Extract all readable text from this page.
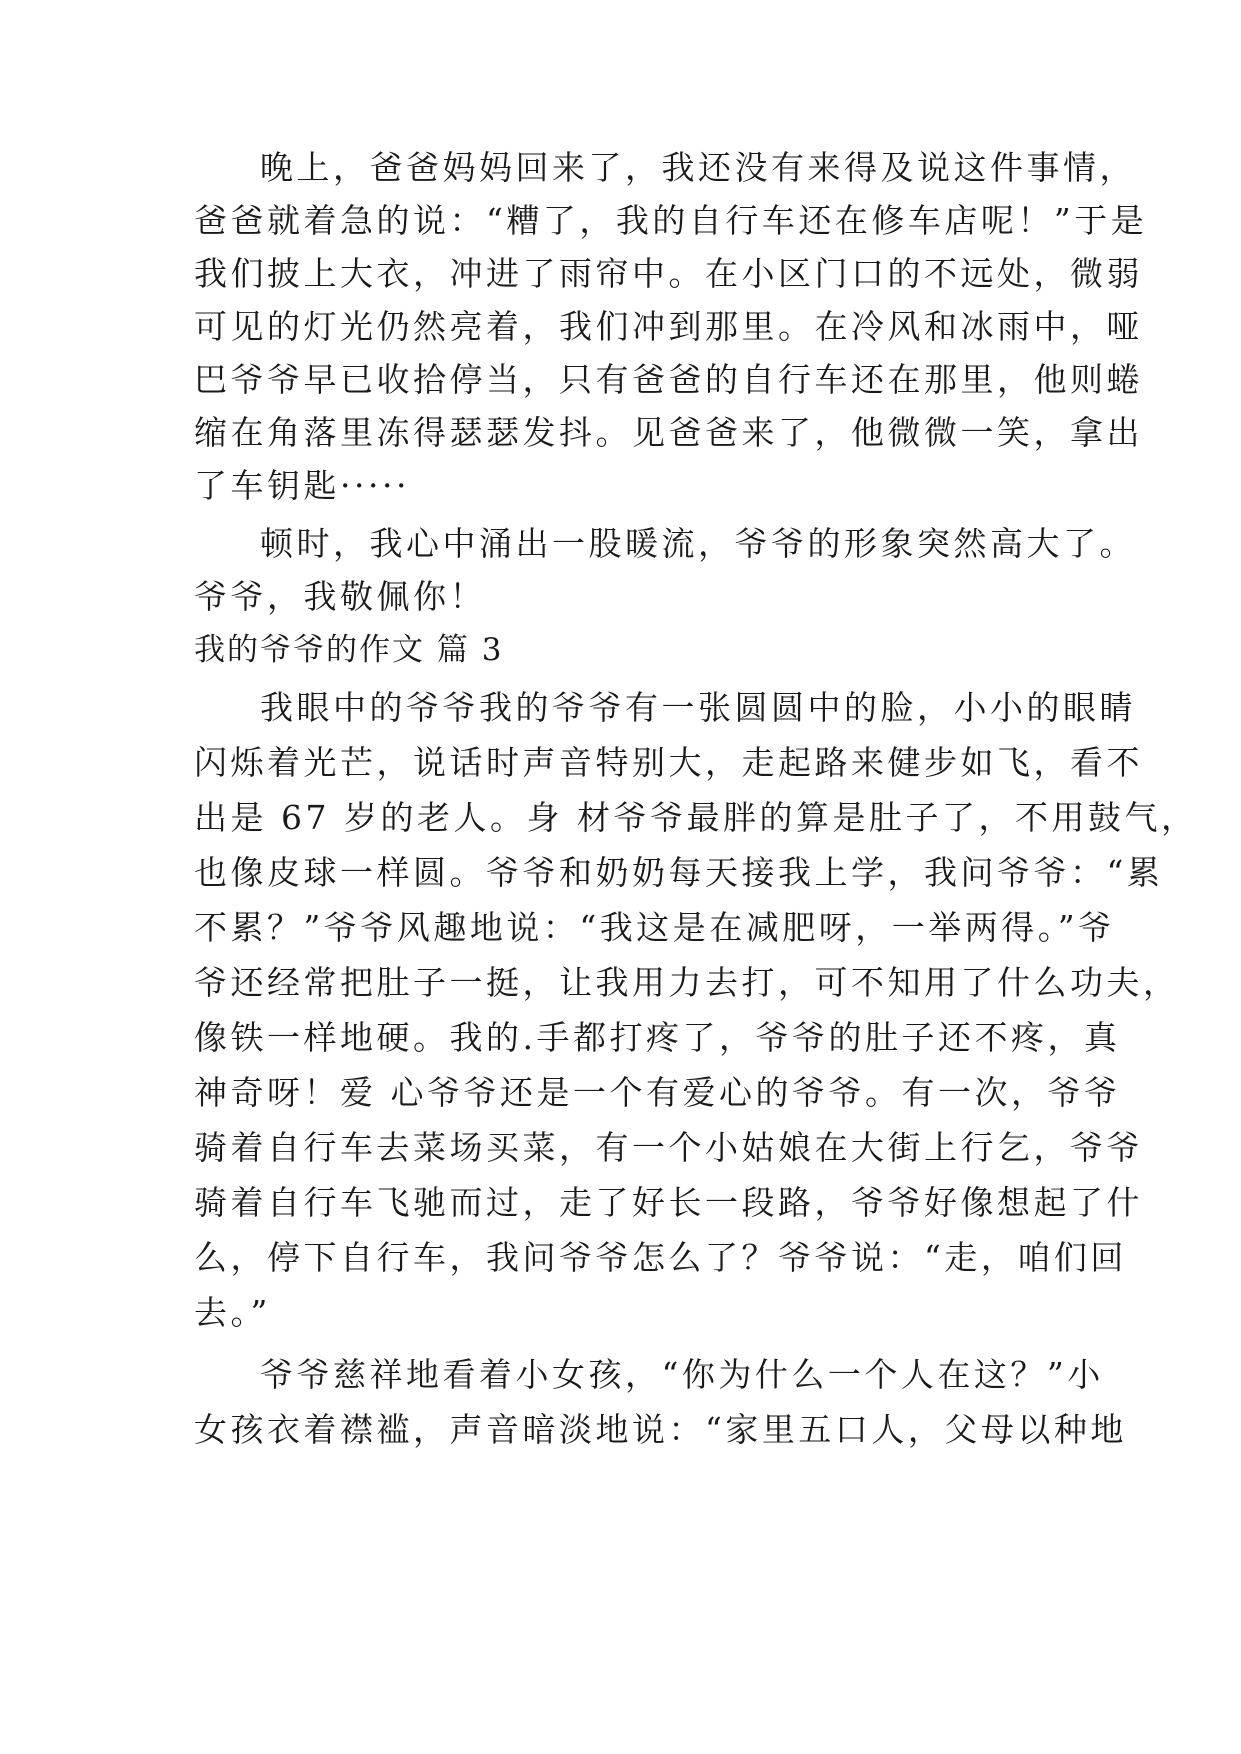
晚上，爸爸妈妈回来了，我还没有来得及说这件事情，
爸爸就着急的说：“糟了，我的自行车还在修车店呢！”于是
我们披上大衣，冲进了雨帘中。在小区门口的不远处，微弱
可见的灯光仍然亮着，我们冲到那里。在冷风和冰雨中，哑
巴爷爷早已收拾停当，只有爸爸的自行车还在那里，他则蜷
缩在角落里冻得瑟瑟发抖。见爸爸来了，他微微一笑，拿出
了车钥匙·····
顿时，我心中涌出一股暖流，爷爷的形象突然高大了。
爷爷，我敬佩你！
我的爷爷的作文 篇 3
我眼中的爷爷我的爷爷有一张圆圆中的脸，小小的眼睛
闪烁着光芒，说话时声音特别大，走起路来健步如飞，看不
出是 67 岁的老人。身 材爷爷最胖的算是肚子了，不用鼓气，
也像皮球一样圆。爷爷和奶奶每天接我上学，我问爷爷：“累
不累？”爷爷风趣地说：“我这是在减肥呀，一举两得。”爷
爷还经常把肚子一挺，让我用力去打，可不知用了什么功夫，
像铁一样地硬。我的.手都打疼了，爷爷的肚子还不疼，真
神奇呀！爱 心爷爷还是一个有爱心的爷爷。有一次，爷爷
骑着自行车去菜场买菜，有一个小姑娘在大街上行乞，爷爷
骑着自行车飞驰而过，走了好长一段路，爷爷好像想起了什
么，停下自行车，我问爷爷怎么了？爷爷说：“走，咱们回
去。”
爷爷慈祥地看着小女孩，“你为什么一个人在这？”小
女孩衣着襟褴，声音暗淡地说：“家里五口人，父母以种地
